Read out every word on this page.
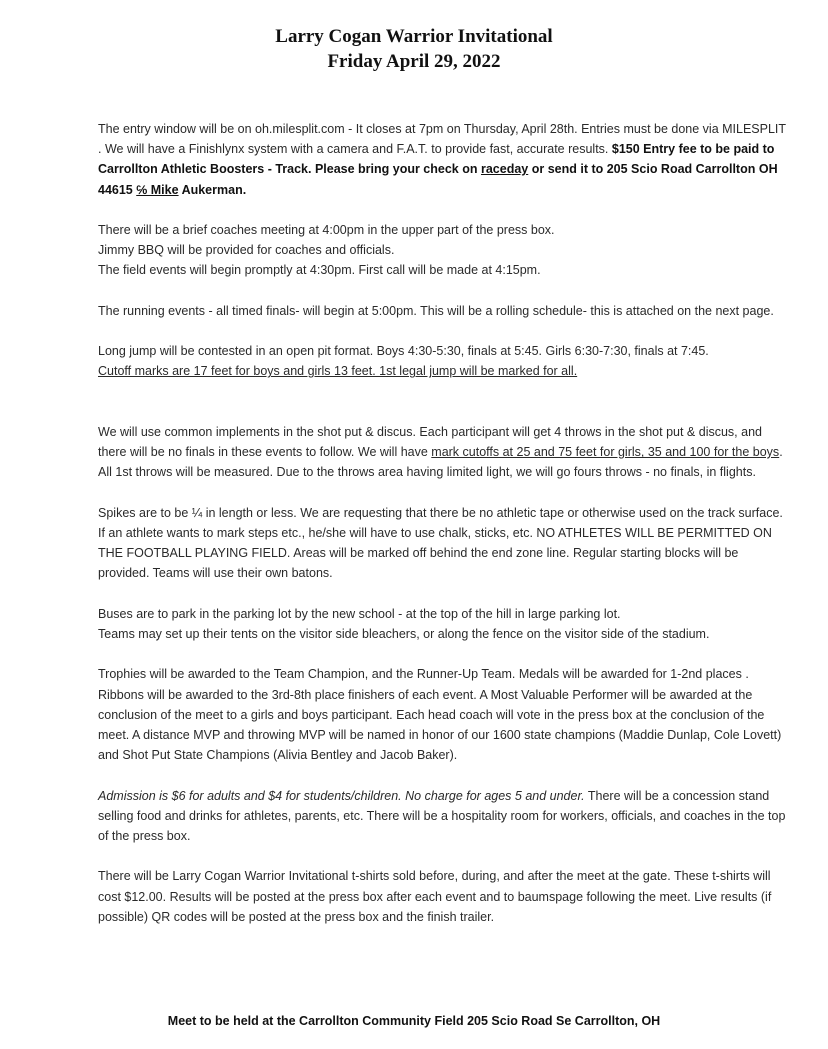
Larry Cogan Warrior Invitational
Friday April 29, 2022

The entry window will be on oh.milesplit.com - It closes at 7pm on Thursday, April 28th. Entries must be done via MILESPLIT . We will have a Finishlynx system with a camera and F.A.T. to provide fast, accurate results. $150 Entry fee to be paid to Carrollton Athletic Boosters - Track. Please bring your check on raceday or send it to 205 Scio Road Carrollton OH 44615 ℅ Mike Aukerman.

There will be a brief coaches meeting at 4:00pm in the upper part of the press box.
Jimmy BBQ will be provided for coaches and officials.
The field events will begin promptly at 4:30pm. First call will be made at 4:15pm.

The running events - all timed finals- will begin at 5:00pm. This will be a rolling schedule- this is attached on the next page.

Long jump will be contested in an open pit format. Boys 4:30-5:30, finals at 5:45. Girls 6:30-7:30, finals at 7:45.
Cutoff marks are 17 feet for boys and girls 13 feet. 1st legal jump will be marked for all.

We will use common implements in the shot put & discus. Each participant will get 4 throws in the shot put & discus, and there will be no finals in these events to follow. We will have mark cutoffs at 25 and 75 feet for girls, 35 and 100 for the boys. All 1st throws will be measured. Due to the throws area having limited light, we will go fours throws - no finals, in flights.

Spikes are to be ¼ in length or less. We are requesting that there be no athletic tape or otherwise used on the track surface. If an athlete wants to mark steps etc., he/she will have to use chalk, sticks, etc. NO ATHLETES WILL BE PERMITTED ON THE FOOTBALL PLAYING FIELD. Areas will be marked off behind the end zone line. Regular starting blocks will be provided. Teams will use their own batons.

Buses are to park in the parking lot by the new school - at the top of the hill in large parking lot.
Teams may set up their tents on the visitor side bleachers, or along the fence on the visitor side of the stadium.

Trophies will be awarded to the Team Champion, and the Runner-Up Team. Medals will be awarded for 1-2nd places . Ribbons will be awarded to the 3rd-8th place finishers of each event. A Most Valuable Performer will be awarded at the conclusion of the meet to a girls and boys participant. Each head coach will vote in the press box at the conclusion of the meet. A distance MVP and throwing MVP will be named in honor of our 1600 state champions (Maddie Dunlap, Cole Lovett) and Shot Put State Champions (Alivia Bentley and Jacob Baker).

Admission is $6 for adults and $4 for students/children. No charge for ages 5 and under. There will be a concession stand selling food and drinks for athletes, parents, etc. There will be a hospitality room for workers, officials, and coaches in the top of the press box.

There will be Larry Cogan Warrior Invitational t-shirts sold before, during, and after the meet at the gate. These t-shirts will cost $12.00. Results will be posted at the press box after each event and to baumspage following the meet. Live results (if possible) QR codes will be posted at the press box and the finish trailer.

Meet to be held at the Carrollton Community Field 205 Scio Road Se Carrollton, OH
